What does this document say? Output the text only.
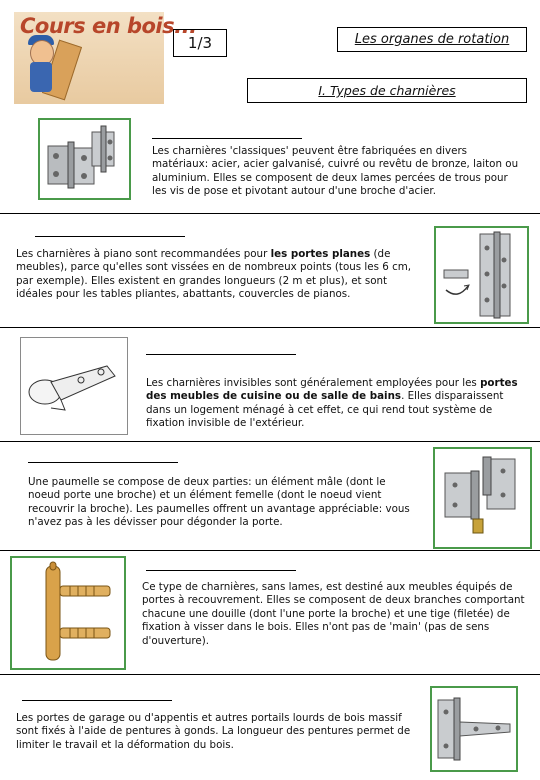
Cours en bois...
1/3	Les organes de rotation
I. Types de charnières
Les charnières 'classiques' peuvent être fabriquées en divers matériaux: acier, acier galvanisé, cuivré ou revêtu de bronze, laiton ou aluminium. Elles se composent de deux lames percées de trous pour les vis de pose et pivotant autour d'une broche d'acier.
Les charnières à piano sont recommandées pour les portes planes (de meubles), parce qu'elles sont vissées en de nombreux points (tous les 6 cm, par exemple). Elles existent en grandes longueurs (2 m et plus), et sont idéales pour les tables pliantes, abattants, couvercles de pianos.
Les charnières invisibles sont généralement employées pour les portes des meubles de cuisine ou de salle de bains. Elles disparaissent dans un logement ménagé à cet effet, ce qui rend tout système de fixation invisible de l'extérieur.
Une paumelle se compose de deux parties: un élément mâle (dont le noeud porte une broche) et un élément femelle (dont le noeud vient recouvrir la broche). Les paumelles offrent un avantage appréciable: vous n'avez pas à les dévisser pour dégonder la porte.
Ce type de charnières, sans lames, est destiné aux meubles équipés de portes à recouvrement. Elles se composent de deux branches comportant chacune une douille (dont l'une porte la broche) et une tige (filetée) de fixation à visser dans le bois. Elles n'ont pas de 'main' (pas de sens d'ouverture).
Les portes de garage ou d'appentis et autres portails lourds de bois massif sont fixés à l'aide de pentures à gonds. La longueur des pentures permet de limiter le travail et la déformation du bois.
